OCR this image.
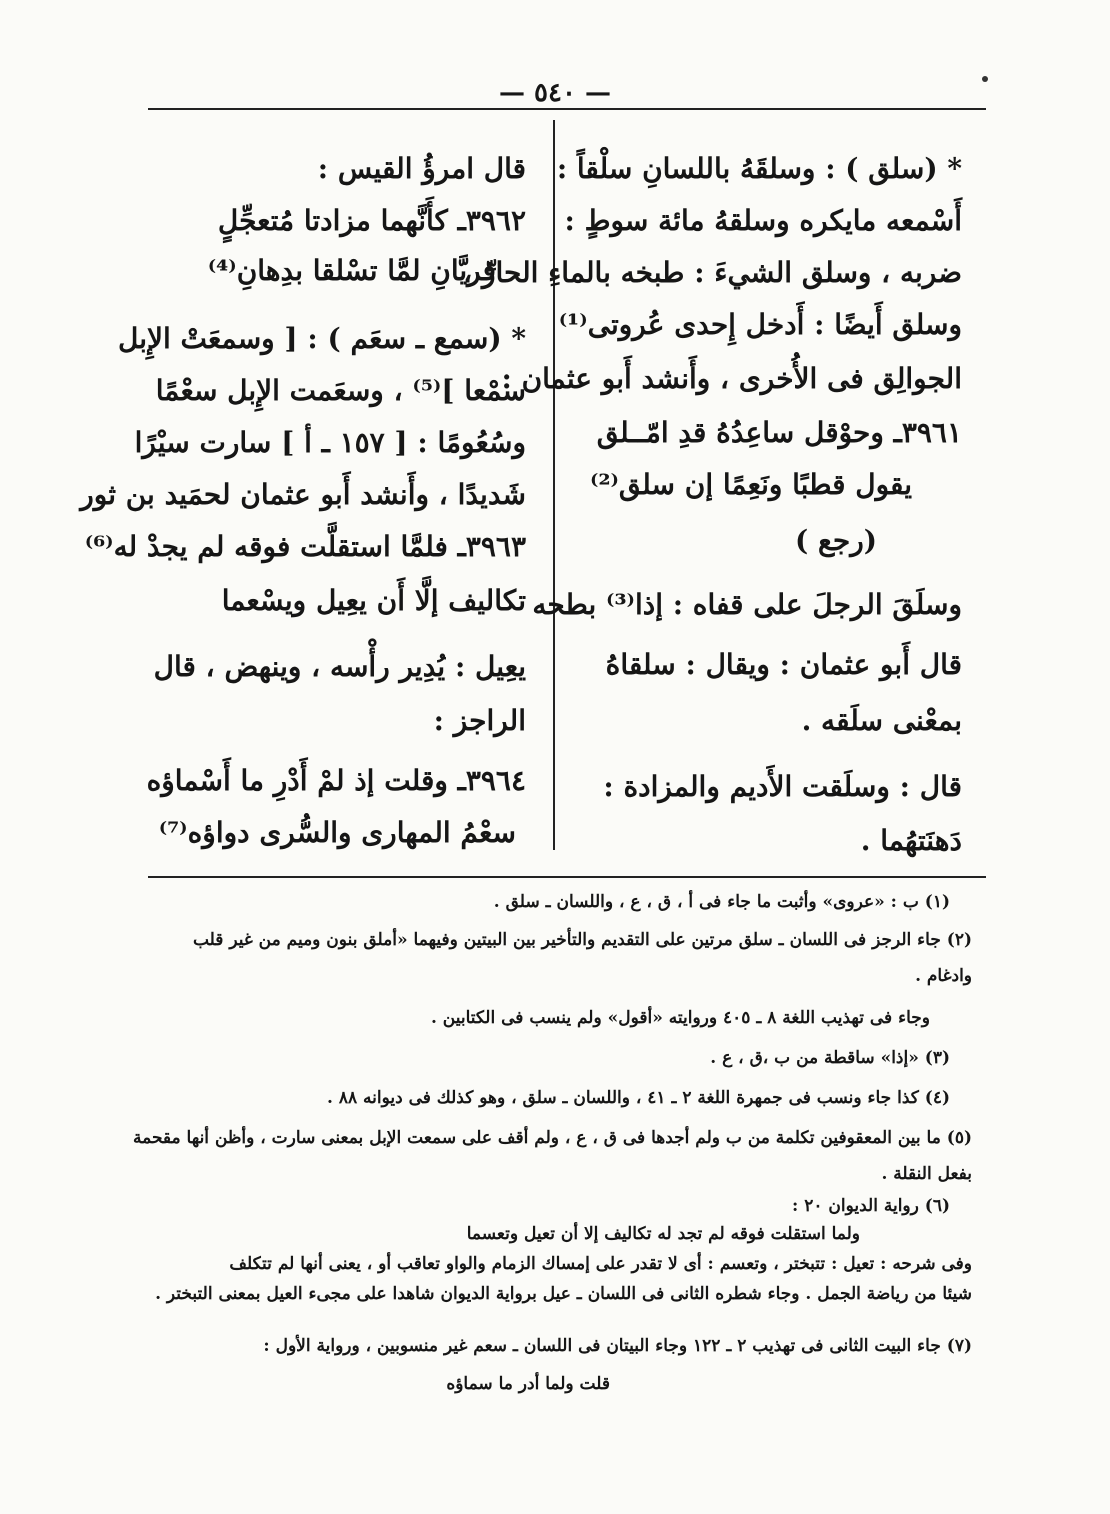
— ٥٤٠ —
* (سلق ) : وسلقَهُ باللسانِ سلْقاً :
أَسْمعه مايكره وسلقهُ مائة سوطٍ :
ضربه ، وسلق الشيءَ : طبخه بالماءِ الحارِّ ،
وسلق أَيضًا : أَدخل إِحدى عُروتى⁽¹⁾
الجوالِق فى الأُخرى ، وأَنشد أَبو عثمان :
٣٩٦١ـ وحوْقل ساعِدُهُ قدِ امّــلق
يقول قطبًا ونَعِمًا إن سلق⁽²⁾
(رجع )
وسلَقَ الرجلَ على قفاه : إذا⁽³⁾ بطحه
قال أَبو عثمان : ويقال : سلقاهُ
بمعْنى سلَقه .
قال : وسلَقت الأَديم والمزادة :
دَهنَتهُما .
قال امرؤُ القيس :
٣٩٦٢ـ كأَنَّهما مزادتا مُتعجِّلٍ
فريَّانِ لمَّا تسْلقا بدِهانِ⁽⁴⁾
* (سمع ـ سعَم ) : [ وسمعَتْ الإِبل
سمْعا ]⁽⁵⁾ ، وسعَمت الإِبل سعْمًا
وسُعُومًا : [ ١٥٧ ـ أ ] سارت سيْرًا
شَديدًا ، وأَنشد أَبو عثمان لحمَيد بن ثور
٣٩٦٣ـ فلمَّا استقلَّت فوقه لم يجدْ له⁽⁶⁾
تكاليف إلَّا أَن يعِيل ويسْعما
يعِيل : يُدِير رأْسه ، وينهض ، قال
الراجز :
٣٩٦٤ـ وقلت إذ لمْ أَدْرِ ما أَسْماؤه
سعْمُ المهارى والسُّرى دواؤه⁽⁷⁾
(١) ب : «عروى» وأثبت ما جاء فى أ ، ق ، ع ، واللسان ـ سلق .
(٢) جاء الرجز فى اللسان ـ سلق مرتين على التقديم والتأخير بين البيتين وفيهما «أملق بنون وميم من غير قلب
وادغام .
وجاء فى تهذيب اللغة ٨ ـ ٤٠٥ وروايته «أقول» ولم ينسب فى الكتابين .
(٣) «إذا» ساقطة من ب ،ق ، ع .
(٤) كذا جاء ونسب فى جمهرة اللغة ٢ ـ ٤١ ، واللسان ـ سلق ، وهو كذلك فى ديوانه ٨٨ .
(٥) ما بين المعقوفين تكلمة من ب ولم أجدها فى ق ، ع ، ولم أقف على سمعت الإبل بمعنى سارت ، وأظن أنها مقحمة
بفعل النقلة .
(٦) رواية الديوان ٢٠ :
ولما استقلت فوقه لم تجد له تكاليف إلا أن تعيل وتعسما
وفى شرحه : تعيل : تتبختر ، وتعسم : أى لا تقدر على إمساك الزمام والواو تعاقب أو ، يعنى أنها لم تتكلف
شيئا من رياضة الجمل . وجاء شطره الثانى فى اللسان ـ عيل برواية الديوان شاهدا على مجىء العيل بمعنى التبختر .
(٧) جاء البيت الثانى فى تهذيب ٢ ـ ١٢٢ وجاء البيتان فى اللسان ـ سعم غير منسوبين ، ورواية الأول :
قلت ولما أدر ما سماؤه
